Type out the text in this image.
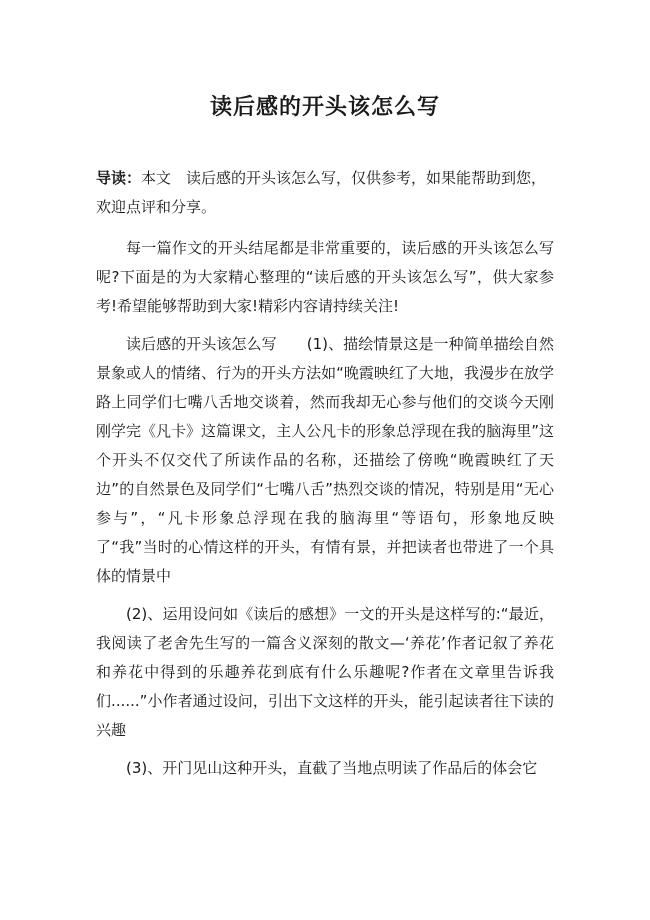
读后感的开头该怎么写

导读：本文　读后感的开头该怎么写，仅供参考，如果能帮助到您，欢迎点评和分享。

每一篇作文的开头结尾都是非常重要的，读后感的开头该怎么写呢?下面是的为大家精心整理的“读后感的开头该怎么写”，供大家参考!希望能够帮助到大家!精彩内容请持续关注!

读后感的开头该怎么写　　(1)、描绘情景这是一种简单描绘自然景象或人的情绪、行为的开头方法如“晚霞映红了大地，我漫步在放学路上同学们七嘴八舌地交谈着，然而我却无心参与他们的交谈今天刚刚学完《凡卡》这篇课文，主人公凡卡的形象总浮现在我的脑海里”这个开头不仅交代了所读作品的名称，还描绘了傍晚“晚霞映红了天边”的自然景色及同学们“七嘴八舌”热烈交谈的情况，特别是用“无心参与”，“凡卡形象总浮现在我的脑海里“等语句，形象地反映了“我”当时的心情这样的开头，有情有景，并把读者也带进了一个具体的情景中

(2)、运用设问如《读后的感想》一文的开头是这样写的:“最近，我阅读了老舍先生写的一篇含义深刻的散文—‘养花’作者记叙了养花和养花中得到的乐趣养花到底有什么乐趣呢?作者在文章里告诉我们......”小作者通过设问，引出下文这样的开头，能引起读者往下读的兴趣

(3)、开门见山这种开头，直截了当地点明读了作品后的体会它
